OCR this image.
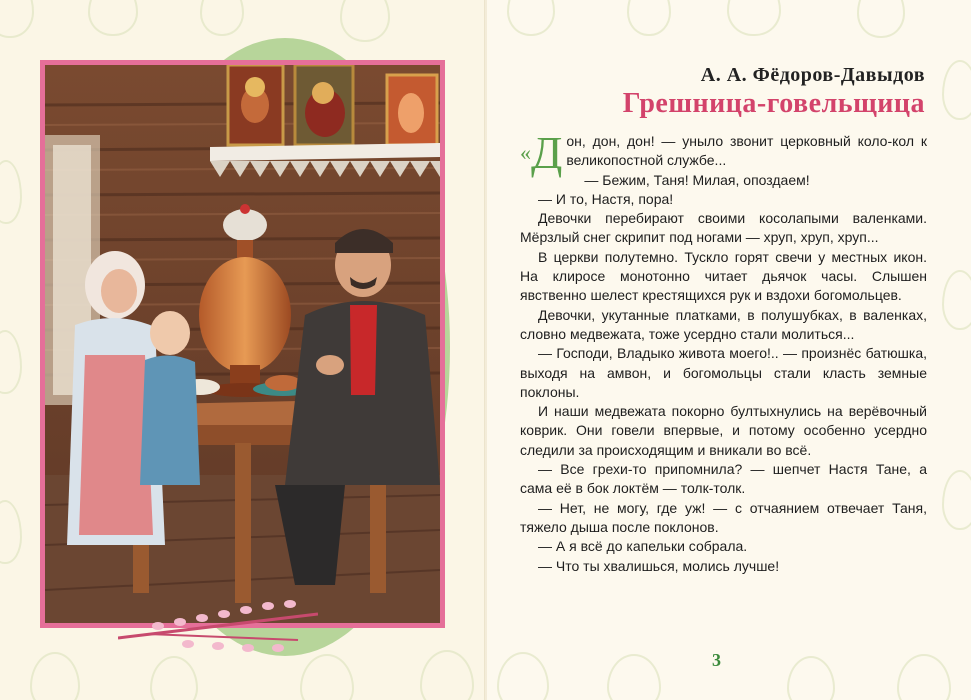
А. А. Фёдоров-Давыдов
Грешница-говельщица

«Д он, дон, дон! — уныло звонит церковный коло-кол к великопостной службе...

— Бежим, Таня! Милая, опоздаем!

— И то, Настя, пора!

Девочки перебирают своими косолапыми валенками. Мёрзлый снег скрипит под ногами — хруп, хруп, хруп...

В церкви полутемно. Тускло горят свечи у местных икон. На клиросе монотонно читает дьячок часы. Слышен явственно шелест крестящихся рук и вздохи богомольцев.

Девочки, укутанные платками, в полушубках, в валенках, словно медвежата, тоже усердно стали молиться...

— Господи, Владыко живота моего!.. — произнёс батюшка, выходя на амвон, и богомольцы стали класть земные поклоны.

И наши медвежата покорно бултыхнулись на верёвочный коврик. Они говели впервые, и потому особенно усердно следили за происходящим и вникали во всё.

— Все грехи-то припомнила? — шепчет Настя Тане, а сама её в бок локтём — толк-толк.

— Нет, не могу, где уж! — с отчаянием отвечает Таня, тяжело дыша после поклонов.

— А я всё до капельки собрала.

— Что ты хвалишься, молись лучше!

3
